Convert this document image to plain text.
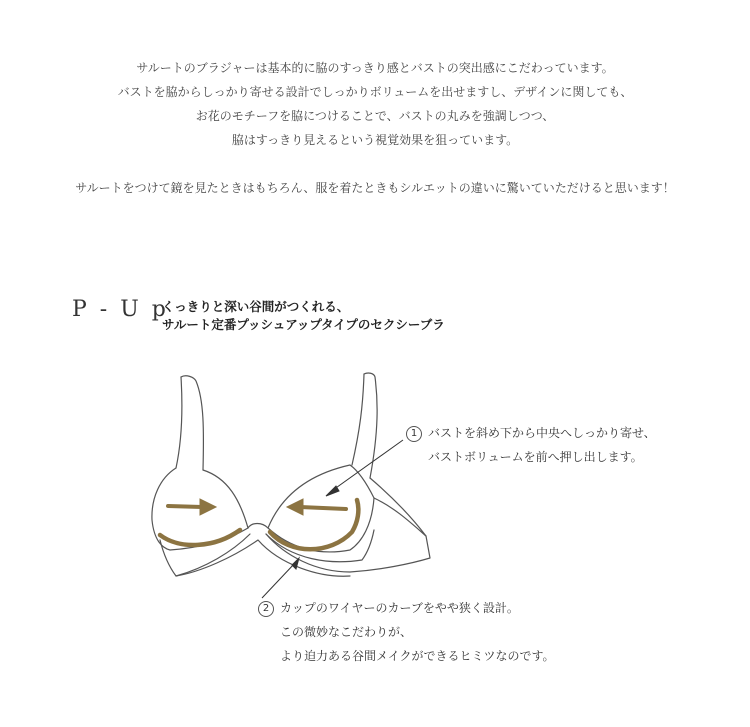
サルートのブラジャーは基本的に脇のすっきり感とバストの突出感にこだわっています。

バストを脇からしっかり寄せる設計でしっかりボリュームを出せますし、デザインに関しても、

お花のモチーフを脇につけることで、バストの丸みを強調しつつ、

脇はすっきり見えるという視覚効果を狙っています。

サルートをつけて鏡を見たときはもちろん、服を着たときもシルエットの違いに驚いていただけると思います！

P - U p

くっきりと深い谷間がつくれる、

サルート定番プッシュアップタイプのセクシーブラ

1 バストを斜め下から中央へしっかり寄せ、

バストボリュームを前へ押し出します。

2 カップのワイヤーのカーブをやや狭く設計。

この微妙なこだわりが、

より迫力ある谷間メイクができるヒミツなのです。
